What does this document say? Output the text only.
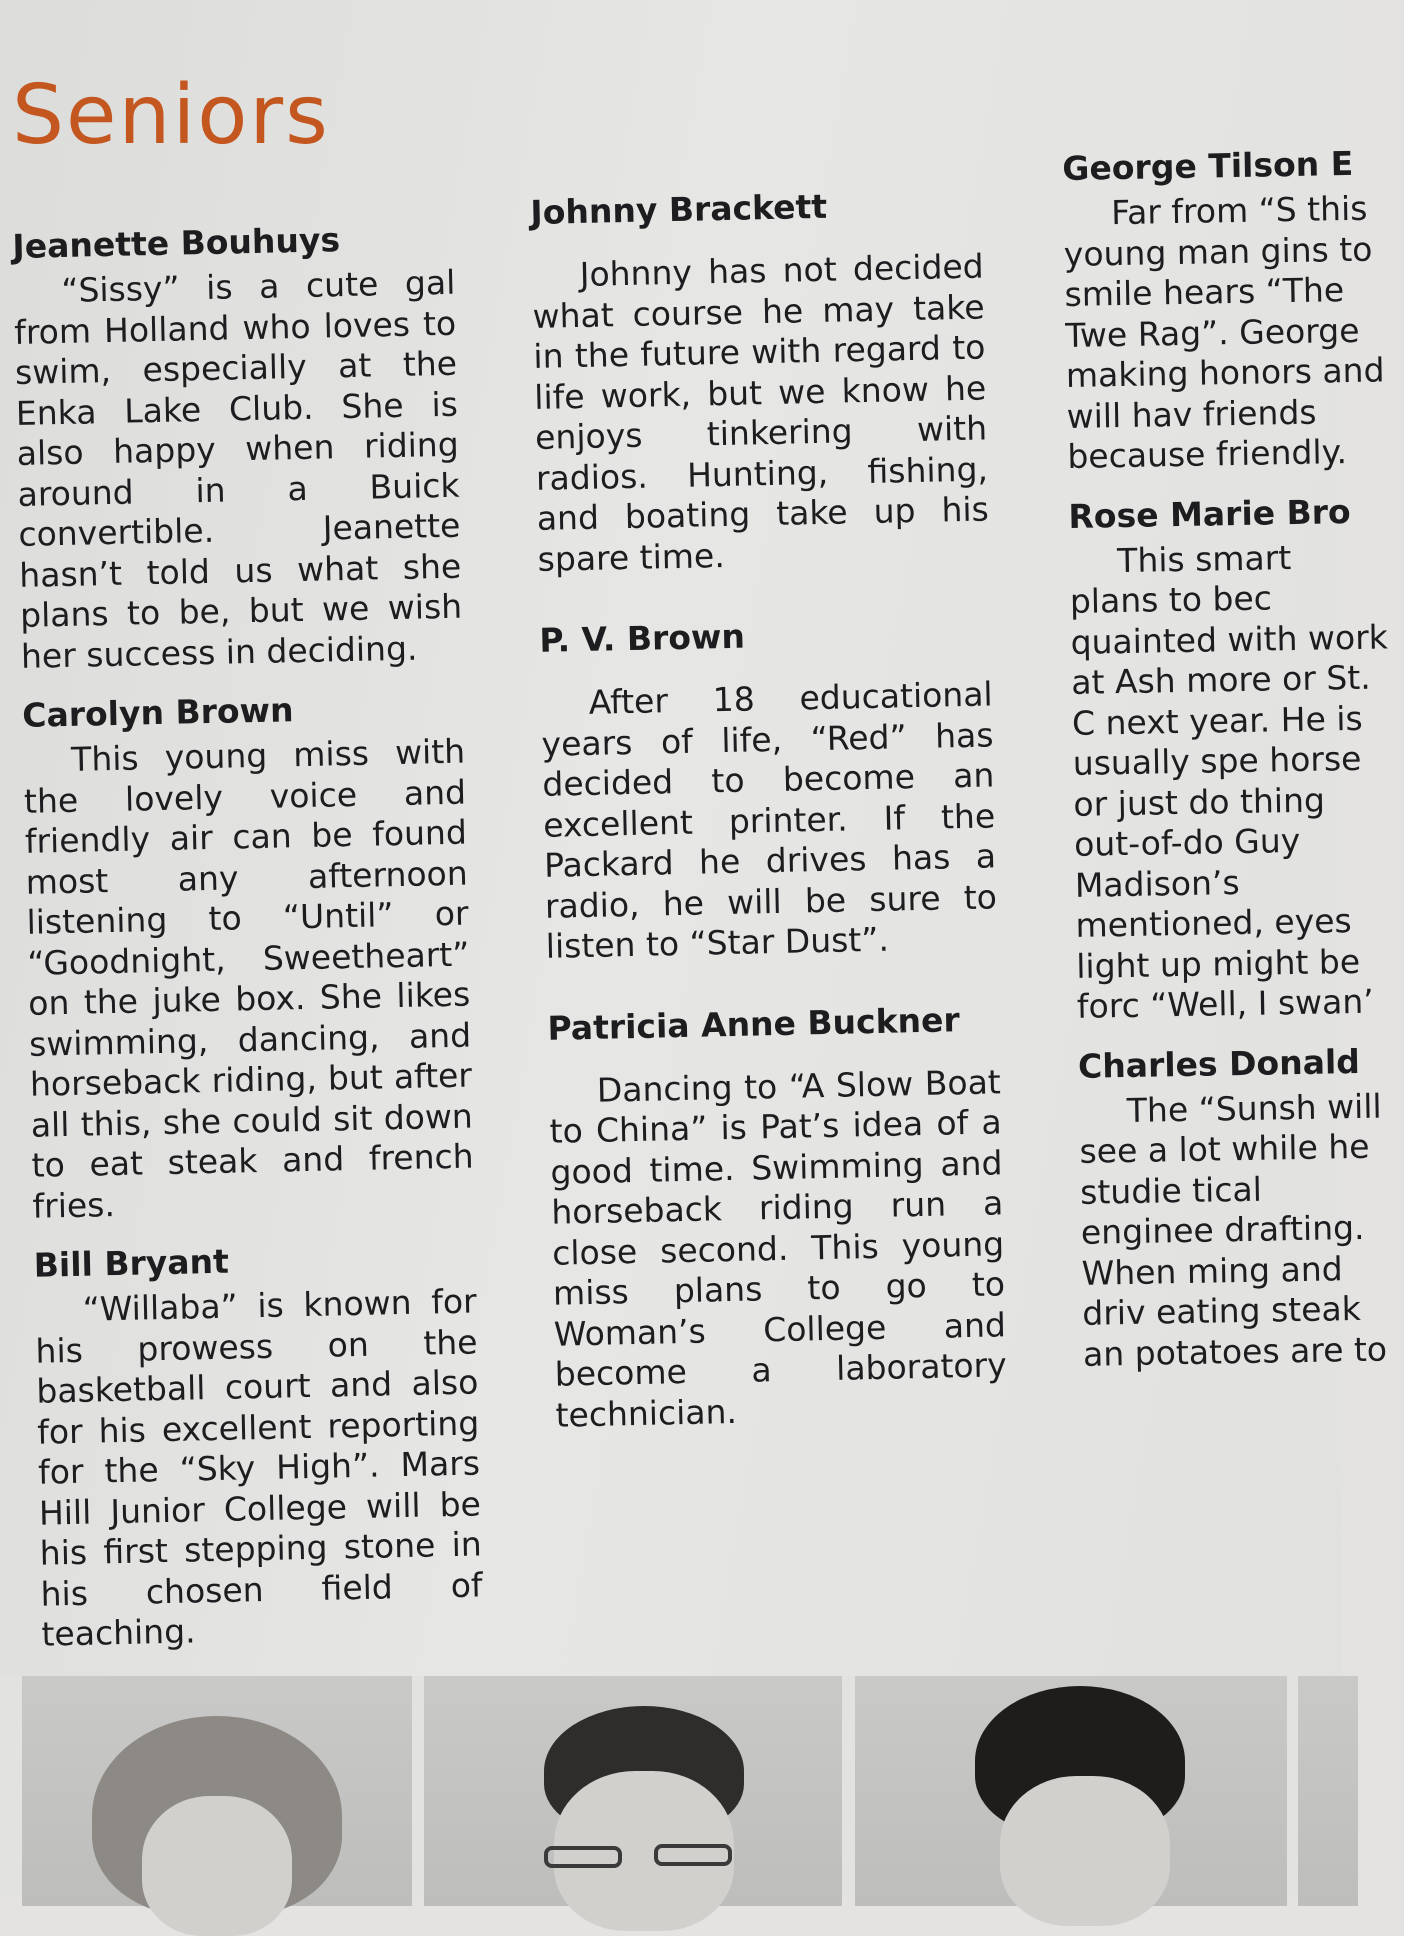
Seniors

Jeanette Bouhuys

“Sissy” is a cute gal from Holland who loves to swim, especially at the Enka Lake Club. She is also happy when riding around in a Buick convertible. Jeanette hasn’t told us what she plans to be, but we wish her success in deciding.

Carolyn Brown

This young miss with the lovely voice and friendly air can be found most any afternoon listening to “Until” or “Goodnight, Sweetheart” on the juke box. She likes swimming, dancing, and horseback riding, but after all this, she could sit down to eat steak and french fries.

Bill Bryant

“Willaba” is known for his prowess on the basketball court and also for his excellent reporting for the “Sky High”. Mars Hill Junior College will be his first stepping stone in his chosen field of teaching.

Johnny Brackett

Johnny has not decided what course he may take in the future with regard to life work, but we know he enjoys tinkering with radios. Hunting, fishing, and boating take up his spare time.

P. V. Brown

After 18 educational years of life, “Red” has decided to become an excellent printer. If the Packard he drives has a radio, he will be sure to listen to “Star Dust”.

Patricia Anne Buckner

Dancing to “A Slow Boat to China” is Pat’s idea of a good time. Swimming and horseback riding run a close second. This young miss plans to go to Woman’s College and become a laboratory technician.

George Tilson E

Far from “S this young man gins to smile hears “The Twe Rag”. George making honors and will hav friends because friendly.

Rose Marie Bro

This smart plans to bec quainted with work at Ash more or St. C next year. He is usually spe horse or just do thing out-of-do Guy Madison’s mentioned, eyes light up might be forc “Well, I swan’

Charles Donald

The “Sunsh will see a lot while he studie tical enginee drafting. When ming and driv eating steak an potatoes are to
